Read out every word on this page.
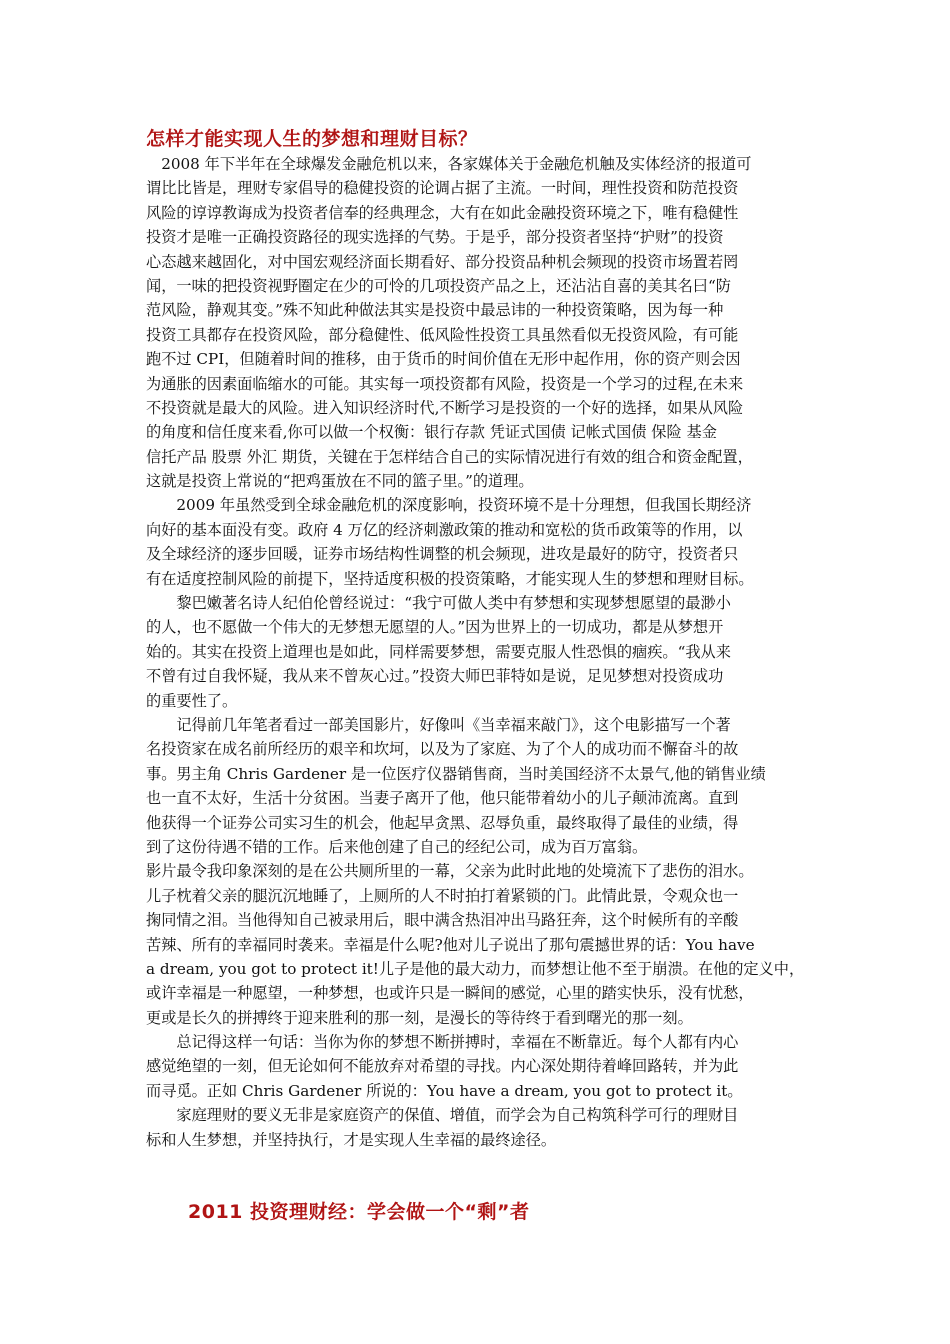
怎样才能实现人生的梦想和理财目标？
　2008 年下半年在全球爆发金融危机以来，各家媒体关于金融危机触及实体经济的报道可
谓比比皆是，理财专家倡导的稳健投资的论调占据了主流。一时间，理性投资和防范投资
风险的谆谆教诲成为投资者信奉的经典理念，大有在如此金融投资环境之下，唯有稳健性
投资才是唯一正确投资路径的现实选择的气势。于是乎，部分投资者坚持“护财”的投资
心态越来越固化，对中国宏观经济面长期看好、部分投资品种机会频现的投资市场置若罔
闻，一味的把投资视野圈定在少的可怜的几项投资产品之上，还沾沾自喜的美其名曰“防
范风险，静观其变。”殊不知此种做法其实是投资中最忌讳的一种投资策略，因为每一种
投资工具都存在投资风险，部分稳健性、低风险性投资工具虽然看似无投资风险，有可能
跑不过 CPI，但随着时间的推移，由于货币的时间价值在无形中起作用，你的资产则会因
为通胀的因素面临缩水的可能。其实每一项投资都有风险，投资是一个学习的过程,在未来
不投资就是最大的风险。进入知识经济时代,不断学习是投资的一个好的选择，如果从风险
的角度和信任度来看,你可以做一个权衡：银行存款 凭证式国债 记帐式国债 保险 基金
信托产品 股票 外汇 期货，关键在于怎样结合自己的实际情况进行有效的组合和资金配置，
这就是投资上常说的“把鸡蛋放在不同的篮子里。”的道理。
　　2009 年虽然受到全球金融危机的深度影响，投资环境不是十分理想，但我国长期经济
向好的基本面没有变。政府 4 万亿的经济刺激政策的推动和宽松的货币政策等的作用，以
及全球经济的逐步回暖，证券市场结构性调整的机会频现，进攻是最好的防守，投资者只
有在适度控制风险的前提下，坚持适度积极的投资策略，才能实现人生的梦想和理财目标。
　　黎巴嫩著名诗人纪伯伦曾经说过：“我宁可做人类中有梦想和实现梦想愿望的最渺小
的人，也不愿做一个伟大的无梦想无愿望的人。”因为世界上的一切成功，都是从梦想开
始的。其实在投资上道理也是如此，同样需要梦想，需要克服人性恐惧的痼疾。“我从来
不曾有过自我怀疑，我从来不曾灰心过。”投资大师巴菲特如是说，足见梦想对投资成功
的重要性了。
　　记得前几年笔者看过一部美国影片，好像叫《当幸福来敲门》，这个电影描写一个著
名投资家在成名前所经历的艰辛和坎坷，以及为了家庭、为了个人的成功而不懈奋斗的故
事。男主角 Chris Gardener 是一位医疗仪器销售商，当时美国经济不太景气,他的销售业绩
也一直不太好，生活十分贫困。当妻子离开了他，他只能带着幼小的儿子颠沛流离。直到
他获得一个证券公司实习生的机会，他起早贪黑、忍辱负重，最终取得了最佳的业绩，得
到了这份待遇不错的工作。后来他创建了自己的经纪公司，成为百万富翁。
影片最令我印象深刻的是在公共厕所里的一幕，父亲为此时此地的处境流下了悲伤的泪水。
儿子枕着父亲的腿沉沉地睡了，上厕所的人不时拍打着紧锁的门。此情此景，令观众也一
掬同情之泪。当他得知自己被录用后，眼中满含热泪冲出马路狂奔，这个时候所有的辛酸
苦辣、所有的幸福同时袭来。幸福是什么呢?他对儿子说出了那句震撼世界的话：You have
a dream, you got to protect it!儿子是他的最大动力，而梦想让他不至于崩溃。在他的定义中，
或许幸福是一种愿望，一种梦想，也或许只是一瞬间的感觉，心里的踏实快乐，没有忧愁，
更或是长久的拼搏终于迎来胜利的那一刻，是漫长的等待终于看到曙光的那一刻。
　　总记得这样一句话：当你为你的梦想不断拼搏时，幸福在不断靠近。每个人都有内心
感觉绝望的一刻，但无论如何不能放弃对希望的寻找。内心深处期待着峰回路转，并为此
而寻觅。正如 Chris Gardener 所说的：You have a dream, you got to protect it。
　　家庭理财的要义无非是家庭资产的保值、增值，而学会为自己构筑科学可行的理财目
标和人生梦想，并坚持执行，才是实现人生幸福的最终途径。
2011 投资理财经：学会做一个“剩”者
